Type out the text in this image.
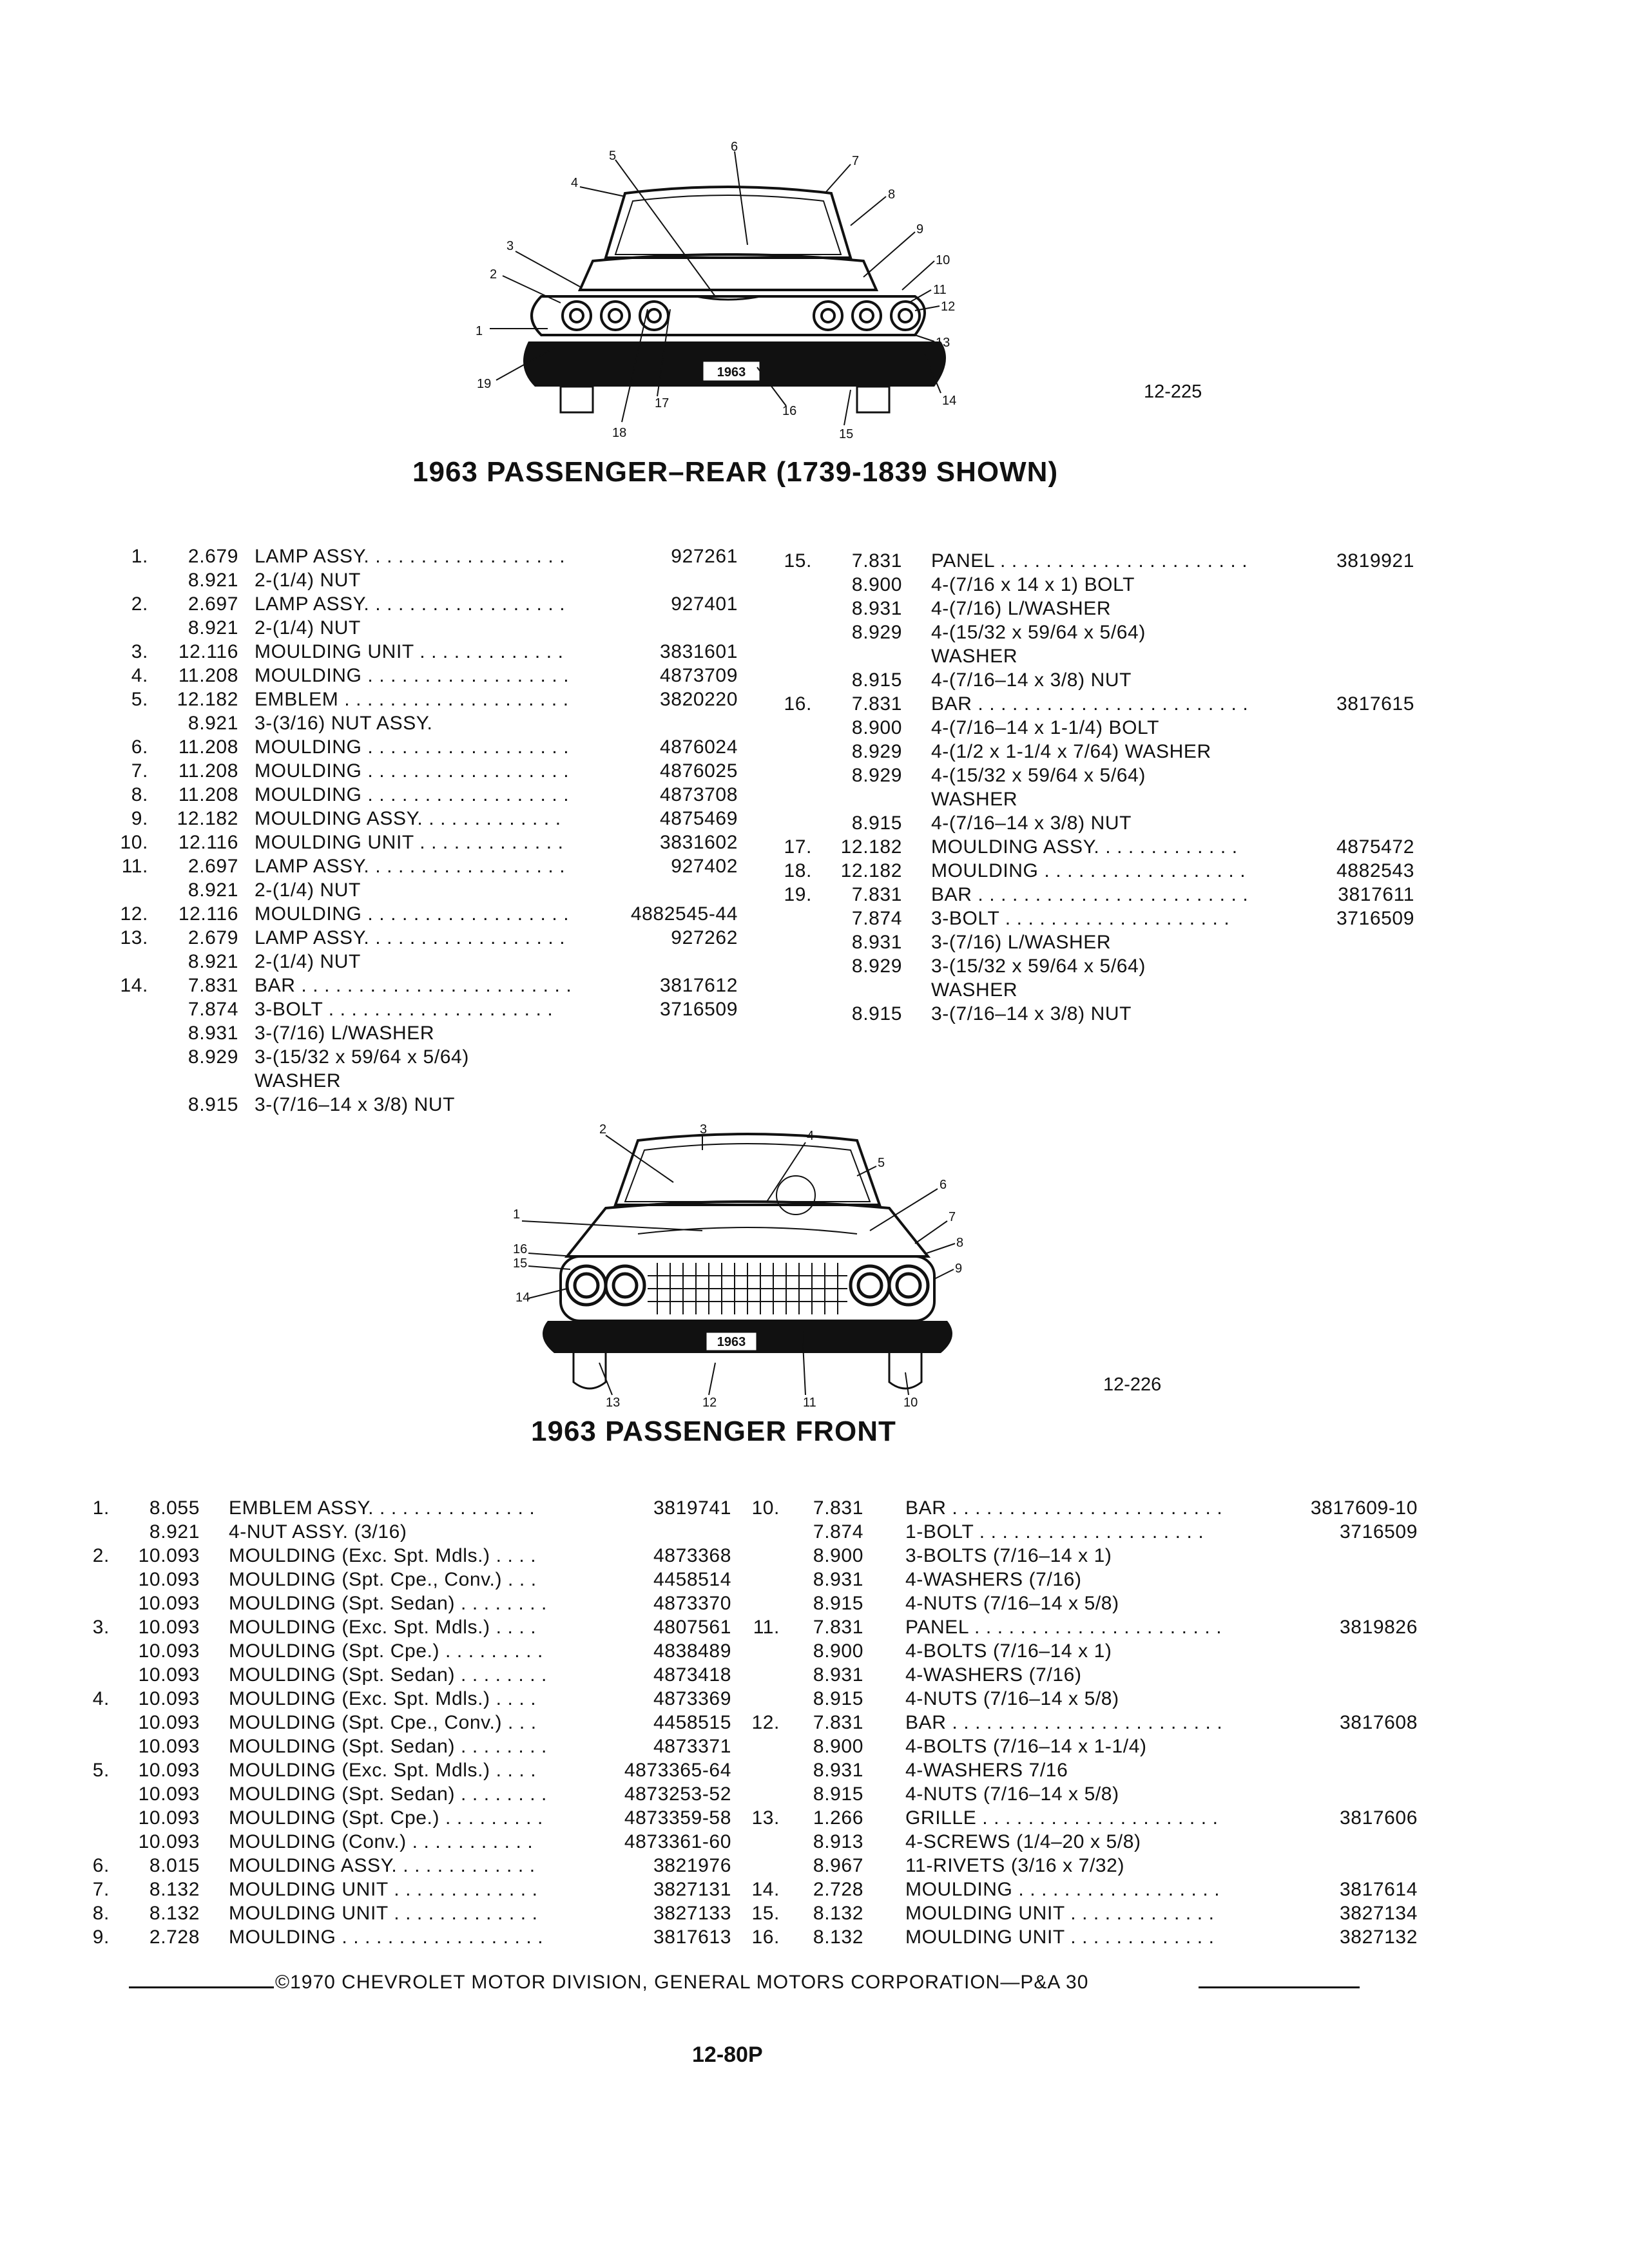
1963
1
2
3
4
5
6
7
8
9
10
11
12
13
14
15
16
17
18
19	12-225
1963 PASSENGER–REAR (1739-1839 SHOWN)
1. 2.679 LAMP ASSY. . . . . . . . . . . . . . . . . .	927261
8.921 2-(1/4) NUT
2. 2.697 LAMP ASSY. . . . . . . . . . . . . . . . . .	927401
8.921 2-(1/4) NUT
3. 12.116 MOULDING UNIT . . . . . . . . . . . . .	3831601
4. 11.208 MOULDING . . . . . . . . . . . . . . . . . .	4873709
5. 12.182 EMBLEM . . . . . . . . . . . . . . . . . . . .	3820220
8.921 3-(3/16) NUT ASSY.
6. 11.208 MOULDING . . . . . . . . . . . . . . . . . .	4876024
7. 11.208 MOULDING . . . . . . . . . . . . . . . . . .	4876025
8. 11.208 MOULDING . . . . . . . . . . . . . . . . . .	4873708
9. 12.182 MOULDING ASSY. . . . . . . . . . . . .	4875469
10. 12.116 MOULDING UNIT . . . . . . . . . . . . .	3831602
11. 2.697 LAMP ASSY. . . . . . . . . . . . . . . . . .	927402
8.921 2-(1/4) NUT
12. 12.116 MOULDING . . . . . . . . . . . . . . . . . .	4882545-44
13. 2.679 LAMP ASSY. . . . . . . . . . . . . . . . . .	927262
8.921 2-(1/4) NUT
14. 7.831 BAR . . . . . . . . . . . . . . . . . . . . . . . .	3817612
7.874 3-BOLT . . . . . . . . . . . . . . . . . . . .	3716509
8.931 3-(7/16) L/WASHER
8.929 3-(15/32 x 59/64 x 5/64)
WASHER
8.915 3-(7/16–14 x 3/8) NUT
15. 7.831 PANEL . . . . . . . . . . . . . . . . . . . . . .	3819921
8.900 4-(7/16 x 14 x 1) BOLT
8.931 4-(7/16) L/WASHER
8.929 4-(15/32 x 59/64 x 5/64)
WASHER
8.915 4-(7/16–14 x 3/8) NUT
16. 7.831 BAR . . . . . . . . . . . . . . . . . . . . . . . .	3817615
8.900 4-(7/16–14 x 1-1/4) BOLT
8.929 4-(1/2 x 1-1/4 x 7/64) WASHER
8.929 4-(15/32 x 59/64 x 5/64)
WASHER
8.915 4-(7/16–14 x 3/8) NUT
17. 12.182 MOULDING ASSY. . . . . . . . . . . . .	4875472
18. 12.182 MOULDING . . . . . . . . . . . . . . . . . .	4882543
19. 7.831 BAR . . . . . . . . . . . . . . . . . . . . . . . .	3817611
7.874 3-BOLT . . . . . . . . . . . . . . . . . . . .	3716509
8.931 3-(7/16) L/WASHER
8.929 3-(15/32 x 59/64 x 5/64)
WASHER
8.915 3-(7/16–14 x 3/8) NUT
1963
1
2	3	4
5
6
7
8
9
10
11
12
13
14
15
16
12-226
1963 PASSENGER FRONT
1. 8.055 EMBLEM ASSY. . . . . . . . . . . . . . .	3819741
8.921 4-NUT ASSY. (3/16)
2. 10.093 MOULDING (Exc. Spt. Mdls.) . . . .	4873368
10.093 MOULDING (Spt. Cpe., Conv.) . . .	4458514
10.093 MOULDING (Spt. Sedan) . . . . . . . .	4873370
3. 10.093 MOULDING (Exc. Spt. Mdls.) . . . .	4807561
10.093 MOULDING (Spt. Cpe.) . . . . . . . . .	4838489
10.093 MOULDING (Spt. Sedan) . . . . . . . .	4873418
4. 10.093 MOULDING (Exc. Spt. Mdls.) . . . .	4873369
10.093 MOULDING (Spt. Cpe., Conv.) . . .	4458515
10.093 MOULDING (Spt. Sedan) . . . . . . . .	4873371
5. 10.093 MOULDING (Exc. Spt. Mdls.) . . . .	4873365-64
10.093 MOULDING (Spt. Sedan) . . . . . . . .	4873253-52
10.093 MOULDING (Spt. Cpe.) . . . . . . . . .	4873359-58
10.093 MOULDING (Conv.) . . . . . . . . . . .	4873361-60
6. 8.015 MOULDING ASSY. . . . . . . . . . . . .	3821976
7. 8.132 MOULDING UNIT . . . . . . . . . . . . .	3827131
8. 8.132 MOULDING UNIT . . . . . . . . . . . . .	3827133
9. 2.728 MOULDING . . . . . . . . . . . . . . . . . .	3817613
10. 7.831 BAR . . . . . . . . . . . . . . . . . . . . . . . .	3817609-10
7.874 1-BOLT . . . . . . . . . . . . . . . . . . . .	3716509
8.900 3-BOLTS (7/16–14 x 1)
8.931 4-WASHERS (7/16)
8.915 4-NUTS (7/16–14 x 5/8)
11. 7.831 PANEL . . . . . . . . . . . . . . . . . . . . . .	3819826
8.900 4-BOLTS (7/16–14 x 1)
8.931 4-WASHERS (7/16)
8.915 4-NUTS (7/16–14 x 5/8)
12. 7.831 BAR . . . . . . . . . . . . . . . . . . . . . . . .	3817608
8.900 4-BOLTS (7/16–14 x 1-1/4)
8.931 4-WASHERS 7/16
8.915 4-NUTS (7/16–14 x 5/8)
13. 1.266 GRILLE . . . . . . . . . . . . . . . . . . . . .	3817606
8.913 4-SCREWS (1/4–20 x 5/8)
8.967 11-RIVETS (3/16 x 7/32)
14. 2.728 MOULDING . . . . . . . . . . . . . . . . . .	3817614
15. 8.132 MOULDING UNIT . . . . . . . . . . . . .	3827134
16. 8.132 MOULDING UNIT . . . . . . . . . . . . .	3827132
©1970 CHEVROLET MOTOR DIVISION, GENERAL MOTORS CORPORATION—P&A 30
12-80P
